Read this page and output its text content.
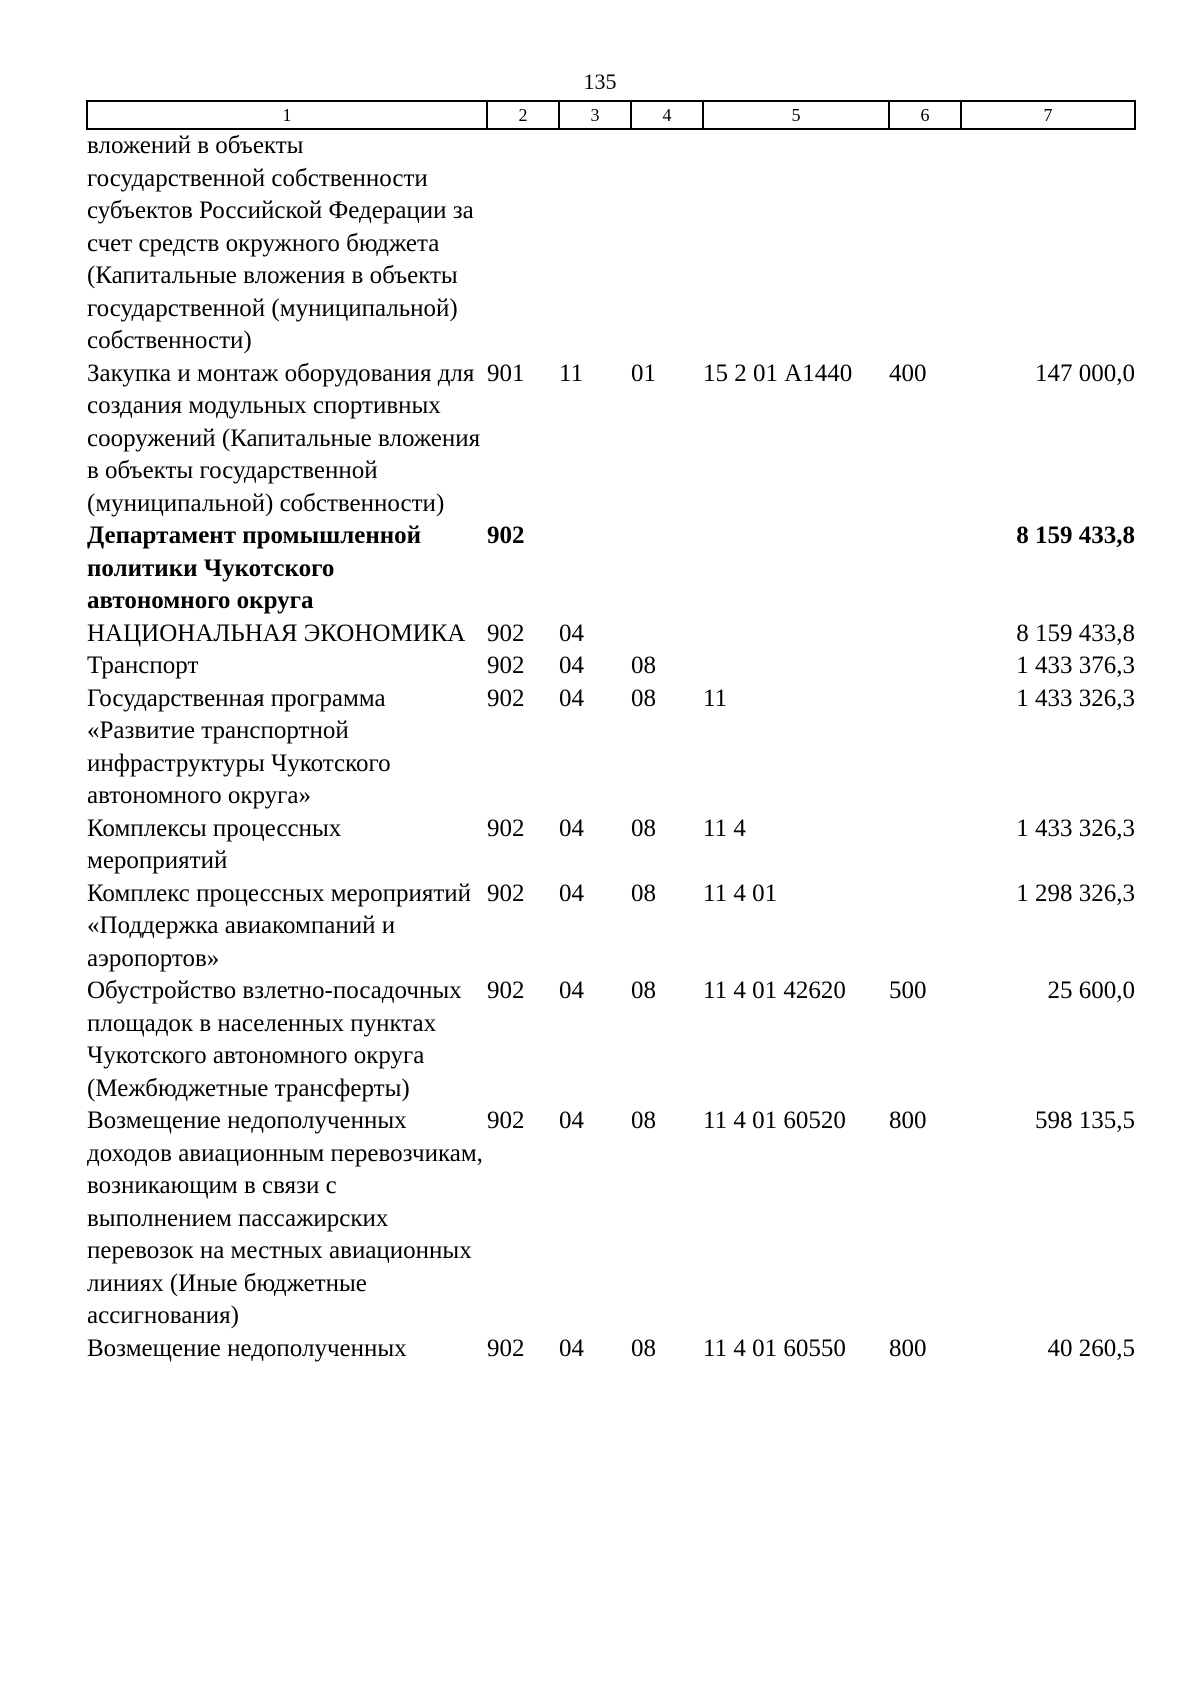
135
1	2	3	4	5	6	7
вложений в объекты государственной собственности субъектов Российской Федерации за счет средств окружного бюджета (Капитальные вложения в объекты государственной (муниципальной) собственности)						
Закупка и монтаж оборудования для создания модульных спортивных сооружений (Капитальные вложения в объекты государственной (муниципальной) собственности)	901	11	01	15 2 01 А1440	400	147 000,0
Департамент промышленной политики Чукотского автономного округа	902					8 159 433,8
НАЦИОНАЛЬНАЯ ЭКОНОМИКА	902	04				8 159 433,8
Транспорт	902	04	08			1 433 376,3
Государственная программа «Развитие транспортной инфраструктуры Чукотского автономного округа»	902	04	08	11		1 433 326,3
Комплексы процессных мероприятий	902	04	08	11 4		1 433 326,3
Комплекс процессных мероприятий «Поддержка авиакомпаний и аэропортов»	902	04	08	11 4 01		1 298 326,3
Обустройство взлетно-посадочных площадок в населенных пунктах Чукотского автономного округа (Межбюджетные трансферты)	902	04	08	11 4 01 42620	500	25 600,0
Возмещение недополученных доходов авиационным перевозчикам, возникающим в связи с выполнением пассажирских перевозок на местных авиационных линиях (Иные бюджетные ассигнования)	902	04	08	11 4 01 60520	800	598 135,5
Возмещение недополученных	902	04	08	11 4 01 60550	800	40 260,5
